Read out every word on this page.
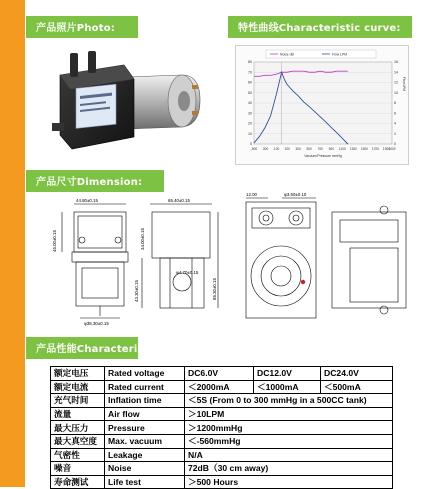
产品照片Photo:	特性曲线Characteristic curve:
产品尺寸Dimension:
产品性能Characteristic
0
10
20
30
40
50
60
70
80
0
2
4
6
8
10
12
14
16
-500 -300 -100 100 300 500 700 900 1100 1300 1500 1700 1900
2000
Vacuum/Pressure mmHg
Flow LPM
Noise dB	Flow LPM
44.80±0.15
45.00±0.15
φ35.30±0.15
65.40±0.15
85.30±0.15
43.30±0.15
34.00±0.15
φ4.70±0.15
12.00	φ3.50±0.10
额定电压	Rated voltage	DC6.0V	DC12.0V	DC24.0V
额定电流	Rated current	＜2000mA	＜1000mA	＜500mA
充气时间	Inflation time	＜5S (From 0 to 300 mmHg in a 500CC tank)		
流量	Air flow	＞10LPM		
最大压力	Pressure	＞1200mmHg		
最大真空度	Max. vacuum	＜-560mmHg		
气密性	Leakage	N/A		
噪音	Noise	72dB（30 cm away)		
寿命测试	Life test	＞500 Hours		
